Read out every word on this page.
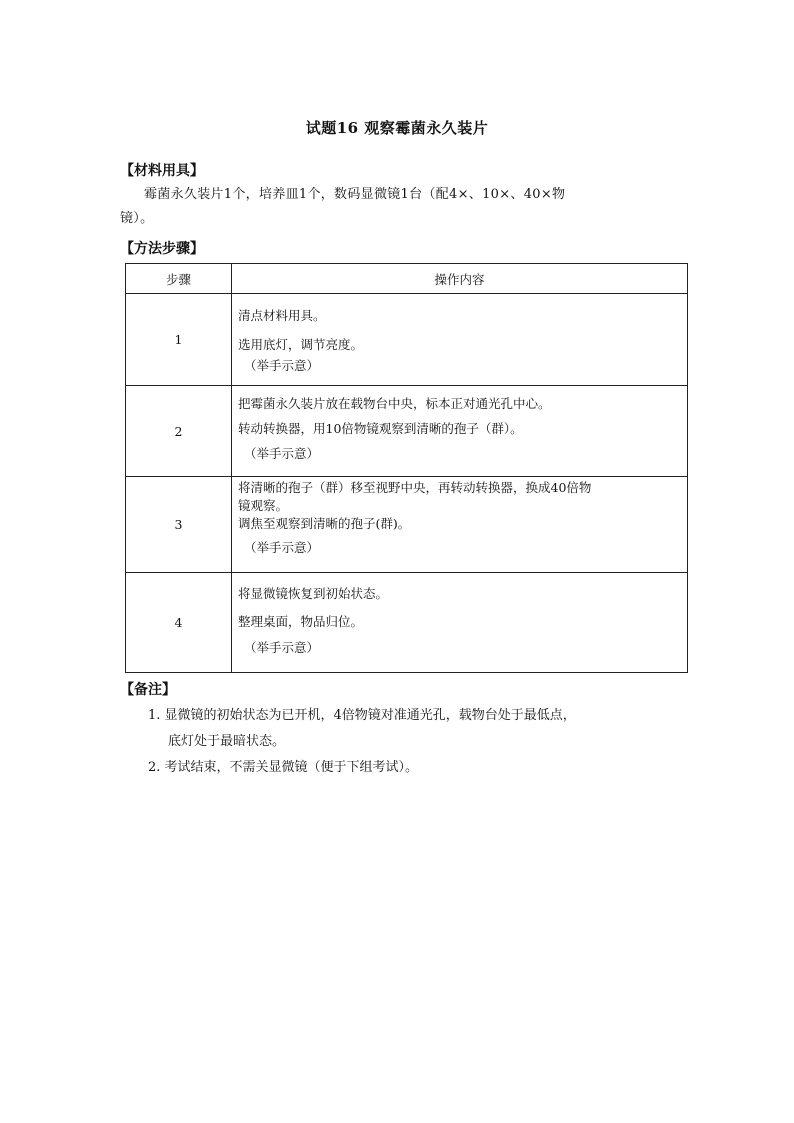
试题16 观察霉菌永久装片
【材料用具】
霉菌永久装片1个，培养皿1个，数码显微镜1台（配4×、10×、40×物
镜）。
【方法步骤】
步骤	操作内容
1	清点材料用具。
选用底灯，调节亮度。
（举手示意）

2	把霉菌永久装片放在载物台中央，标本正对通光孔中心。
转动转换器，用10倍物镜观察到清晰的孢子（群）。
（举手示意）

3	将清晰的孢子（群）移至视野中央，再转动转换器，换成40倍物
镜观察。
调焦至观察到清晰的孢子(群)。
（举手示意）

4	将显微镜恢复到初始状态。
整理桌面，物品归位。
（举手示意）
【备注】
1. 显微镜的初始状态为已开机，4倍物镜对准通光孔，载物台处于最低点，
底灯处于最暗状态。
2. 考试结束，不需关显微镜（便于下组考试）。
